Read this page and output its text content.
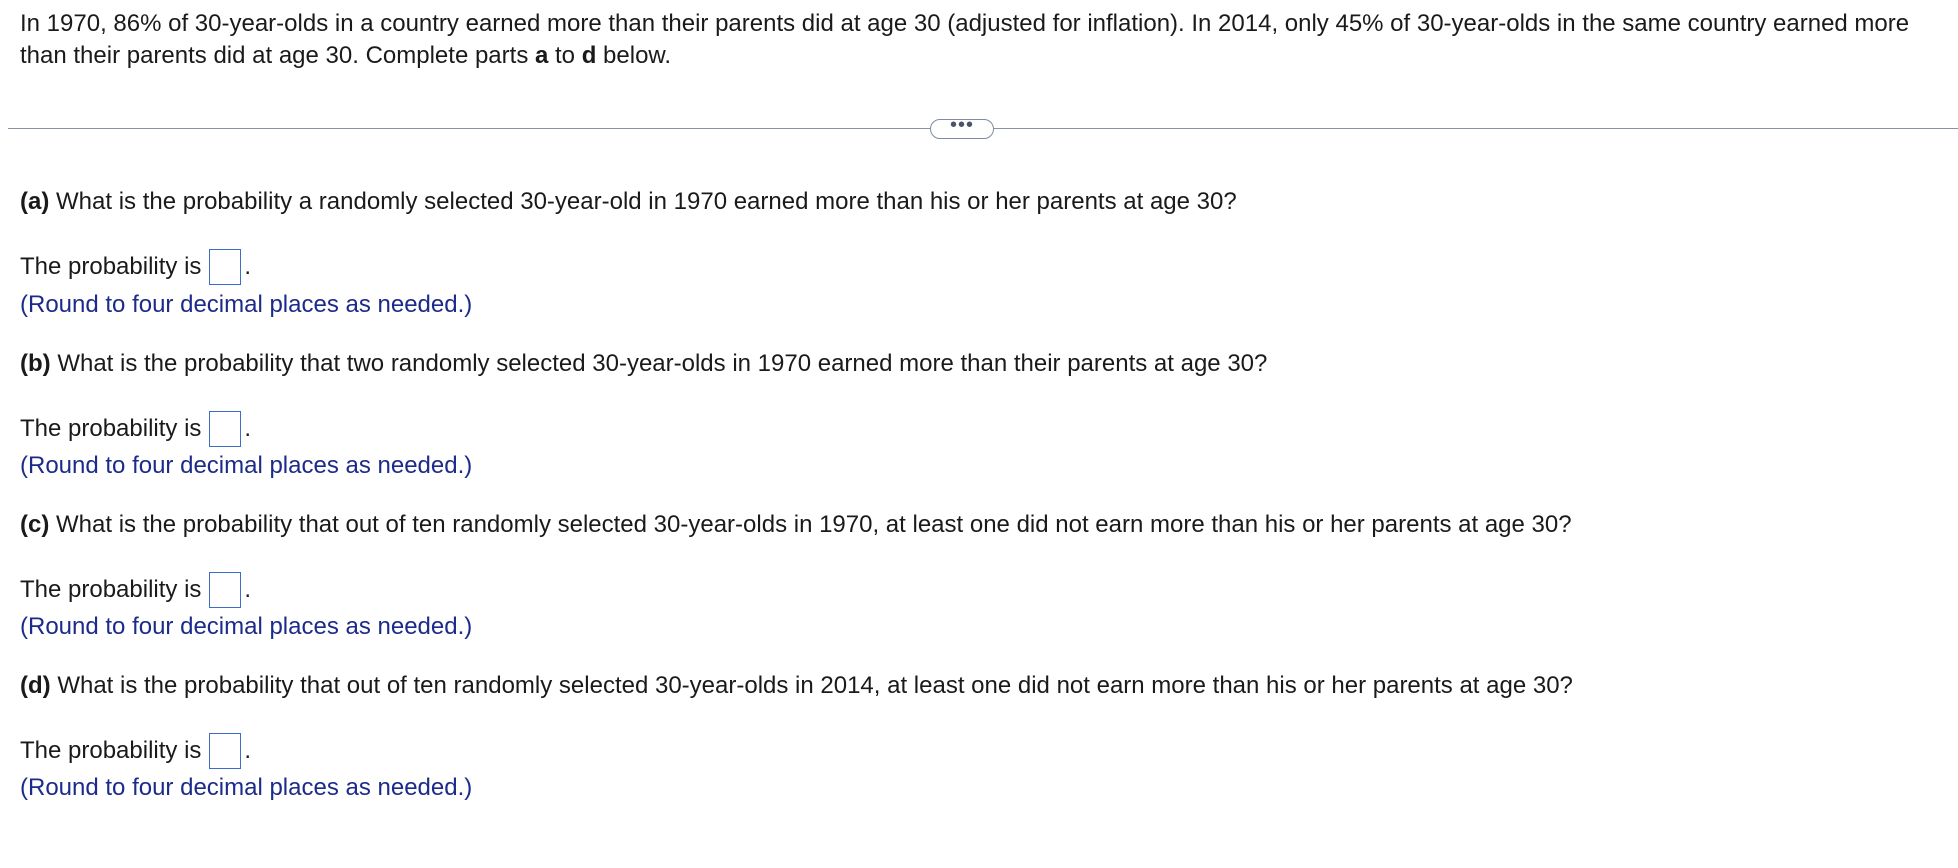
In 1970, 86% of 30-year-olds in a country earned more than their parents did at age 30 (adjusted for inflation). In 2014, only 45% of 30-year-olds in the same country earned more than their parents did at age 30. Complete parts a to d below.

•••

(a) What is the probability a randomly selected 30-year-old in 1970 earned more than his or her parents at age 30?

The probability is .

(Round to four decimal places as needed.)

(b) What is the probability that two randomly selected 30-year-olds in 1970 earned more than their parents at age 30?

The probability is .

(Round to four decimal places as needed.)

(c) What is the probability that out of ten randomly selected 30-year-olds in 1970, at least one did not earn more than his or her parents at age 30?

The probability is .

(Round to four decimal places as needed.)

(d) What is the probability that out of ten randomly selected 30-year-olds in 2014, at least one did not earn more than his or her parents at age 30?

The probability is .

(Round to four decimal places as needed.)
